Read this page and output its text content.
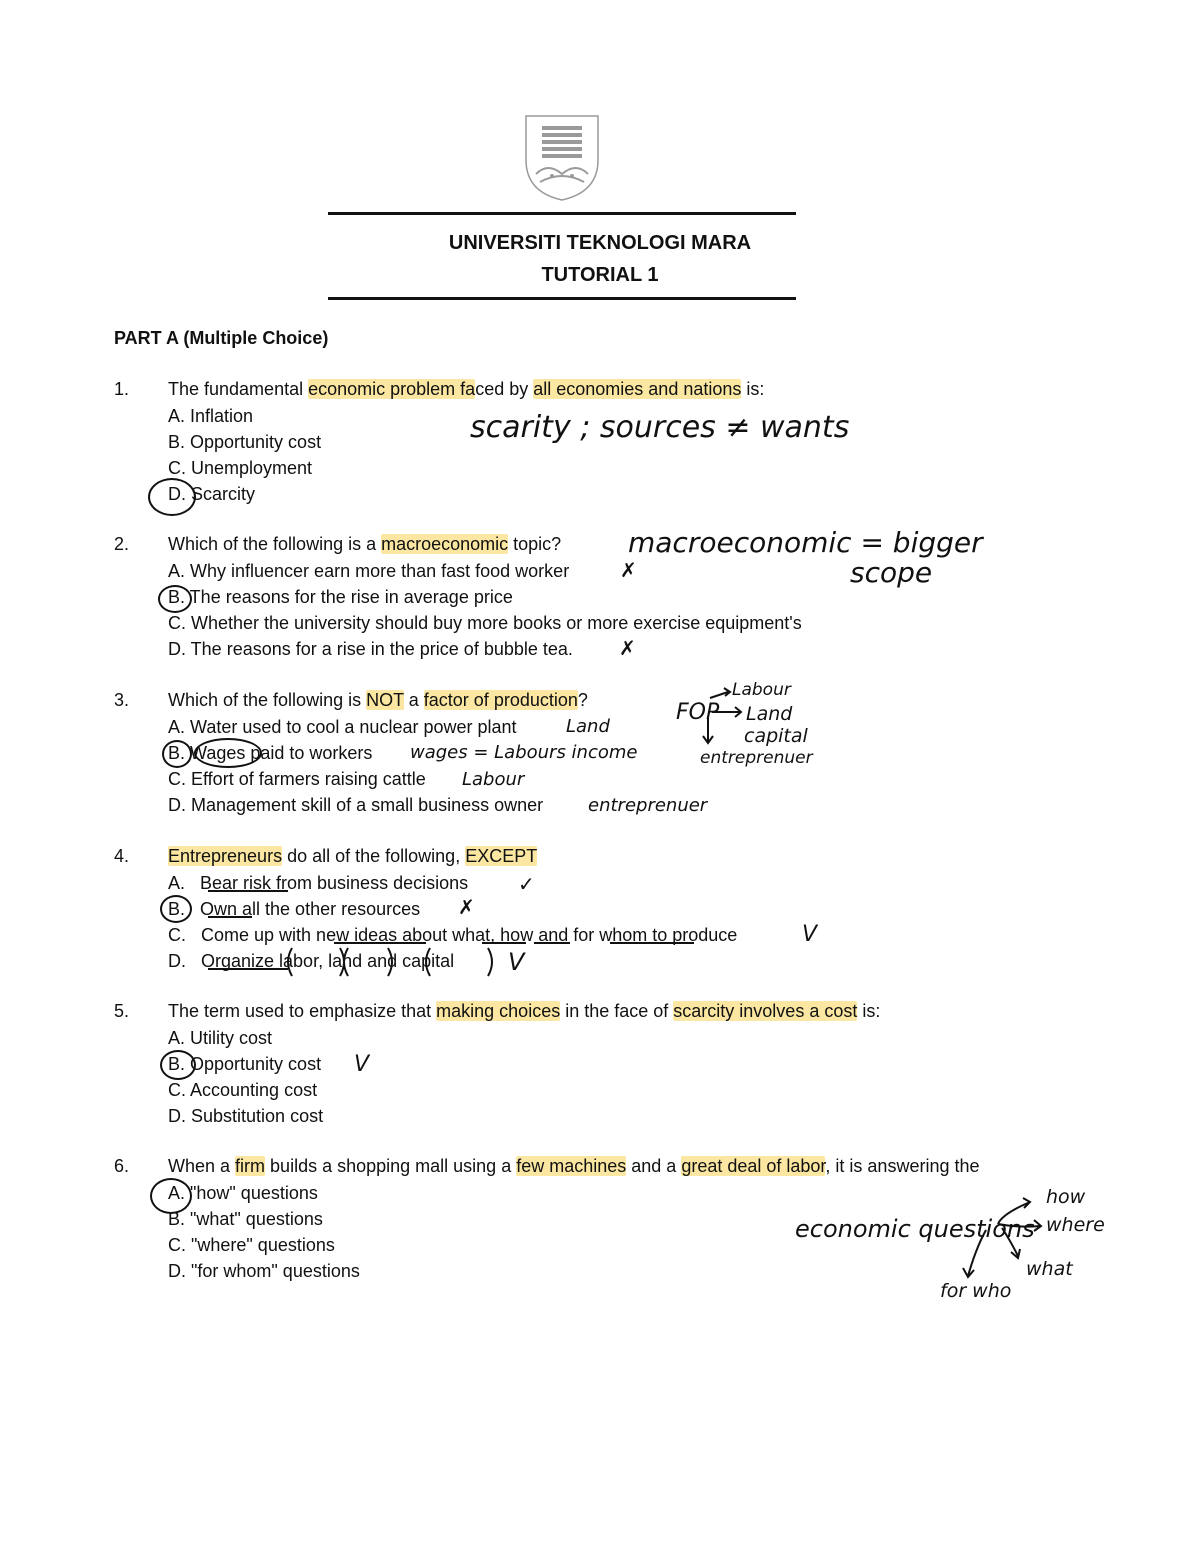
UNIVERSITI TEKNOLOGI MARA
TUTORIAL 1
PART A (Multiple Choice)
1. The fundamental economic problem faced by all economies and nations is:
A. Inflation
B. Opportunity cost
C. Unemployment
D. Scarcity
2. Which of the following is a macroeconomic topic?
A. Why influencer earn more than fast food worker
B. The reasons for the rise in average price
C. Whether the university should buy more books or more exercise equipment's
D. The reasons for a rise in the price of bubble tea.
3. Which of the following is NOT a factor of production?
A. Water used to cool a nuclear power plant
B. Wages paid to workers
C. Effort of farmers raising cattle
D. Management skill of a small business owner
4. Entrepreneurs do all of the following, EXCEPT
A.   Bear risk from business decisions
B.   Own all the other resources
C.   Come up with new ideas about what, how and for whom to produce
D.   Organize labor, land and capital
5. The term used to emphasize that making choices in the face of scarcity involves a cost is:
A. Utility cost
B. Opportunity cost
C. Accounting cost
D. Substitution cost
6. When a firm builds a shopping mall using a few machines and a great deal of labor, it is answering the
A. "how" questions
B. "what" questions
C. "where" questions
D. "for whom" questions
scarity ; sources ≠ wants
macroeconomic = bigger
scope
✗
✗
Land
wages = Labours income
Labour
entreprenuer
FOP
Labour
Land
capital
entreprenuer
✓
✗
V
V
V
economic questions
how
where
what
for who
